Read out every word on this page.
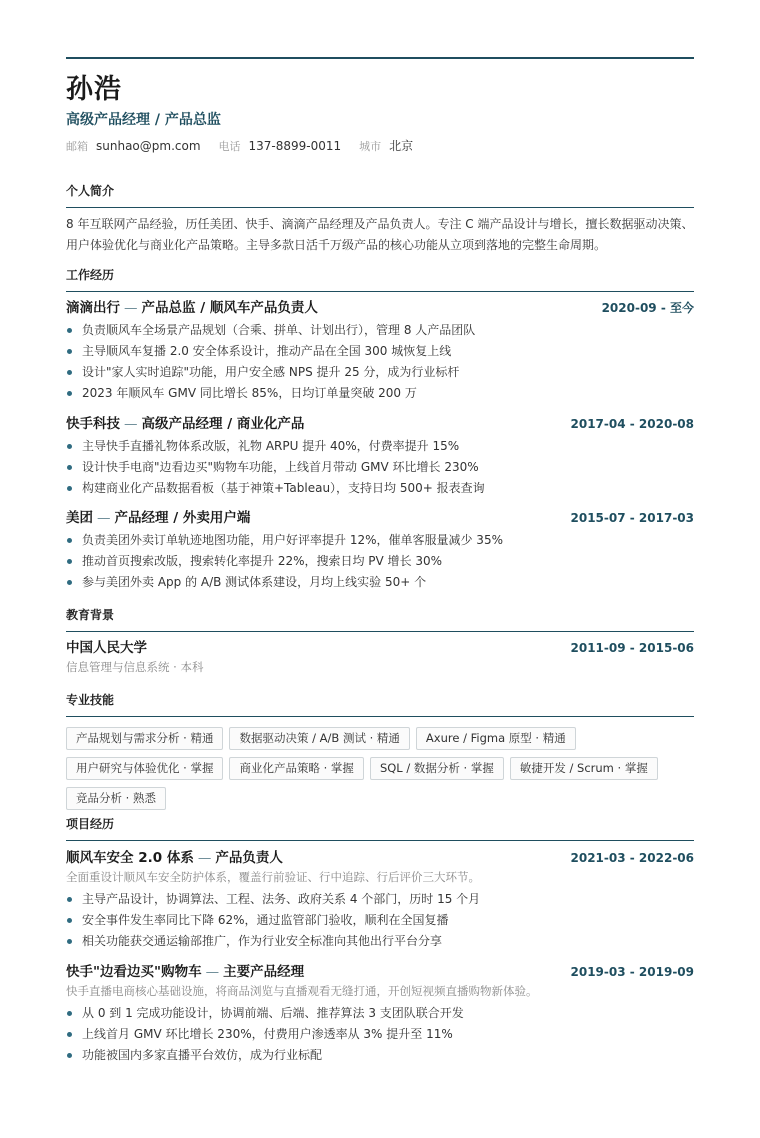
孙浩
高级产品经理 / 产品总监
邮箱 sunhao@pm.com 电话 137-8899-0011 城市 北京
个人简介
8 年互联网产品经验，历任美团、快手、滴滴产品经理及产品负责人。专注 C 端产品设计与增长，擅长数据驱动决策、用户体验优化与商业化产品策略。主导多款日活千万级产品的核心功能从立项到落地的完整生命周期。
工作经历
滴滴出行 — 产品总监 / 顺风车产品负责人	2020-09 - 至今
负责顺风车全场景产品规划（合乘、拼单、计划出行），管理 8 人产品团队
主导顺风车复播 2.0 安全体系设计，推动产品在全国 300 城恢复上线
设计"家人实时追踪"功能，用户安全感 NPS 提升 25 分，成为行业标杆
2023 年顺风车 GMV 同比增长 85%，日均订单量突破 200 万
快手科技 — 高级产品经理 / 商业化产品	2017-04 - 2020-08
主导快手直播礼物体系改版，礼物 ARPU 提升 40%，付费率提升 15%
设计快手电商"边看边买"购物车功能，上线首月带动 GMV 环比增长 230%
构建商业化产品数据看板（基于神策+Tableau），支持日均 500+ 报表查询
美团 — 产品经理 / 外卖用户端	2015-07 - 2017-03
负责美团外卖订单轨迹地图功能，用户好评率提升 12%，催单客服量减少 35%
推动首页搜索改版，搜索转化率提升 22%，搜索日均 PV 增长 30%
参与美团外卖 App 的 A/B 测试体系建设，月均上线实验 50+ 个
教育背景
中国人民大学	2011-09 - 2015-06
信息管理与信息系统 · 本科
专业技能
产品规划与需求分析 · 精通	数据驱动决策 / A/B 测试 · 精通	Axure / Figma 原型 · 精通
用户研究与体验优化 · 掌握	商业化产品策略 · 掌握	SQL / 数据分析 · 掌握	敏捷开发 / Scrum · 掌握
竞品分析 · 熟悉
项目经历
顺风车安全 2.0 体系 — 产品负责人	2021-03 - 2022-06
全面重设计顺风车安全防护体系，覆盖行前验证、行中追踪、行后评价三大环节。
主导产品设计，协调算法、工程、法务、政府关系 4 个部门，历时 15 个月
安全事件发生率同比下降 62%，通过监管部门验收，顺利在全国复播
相关功能获交通运输部推广，作为行业安全标准向其他出行平台分享
快手"边看边买"购物车 — 主要产品经理	2019-03 - 2019-09
快手直播电商核心基础设施，将商品浏览与直播观看无缝打通，开创短视频直播购物新体验。
从 0 到 1 完成功能设计，协调前端、后端、推荐算法 3 支团队联合开发
上线首月 GMV 环比增长 230%，付费用户渗透率从 3% 提升至 11%
功能被国内多家直播平台效仿，成为行业标配
